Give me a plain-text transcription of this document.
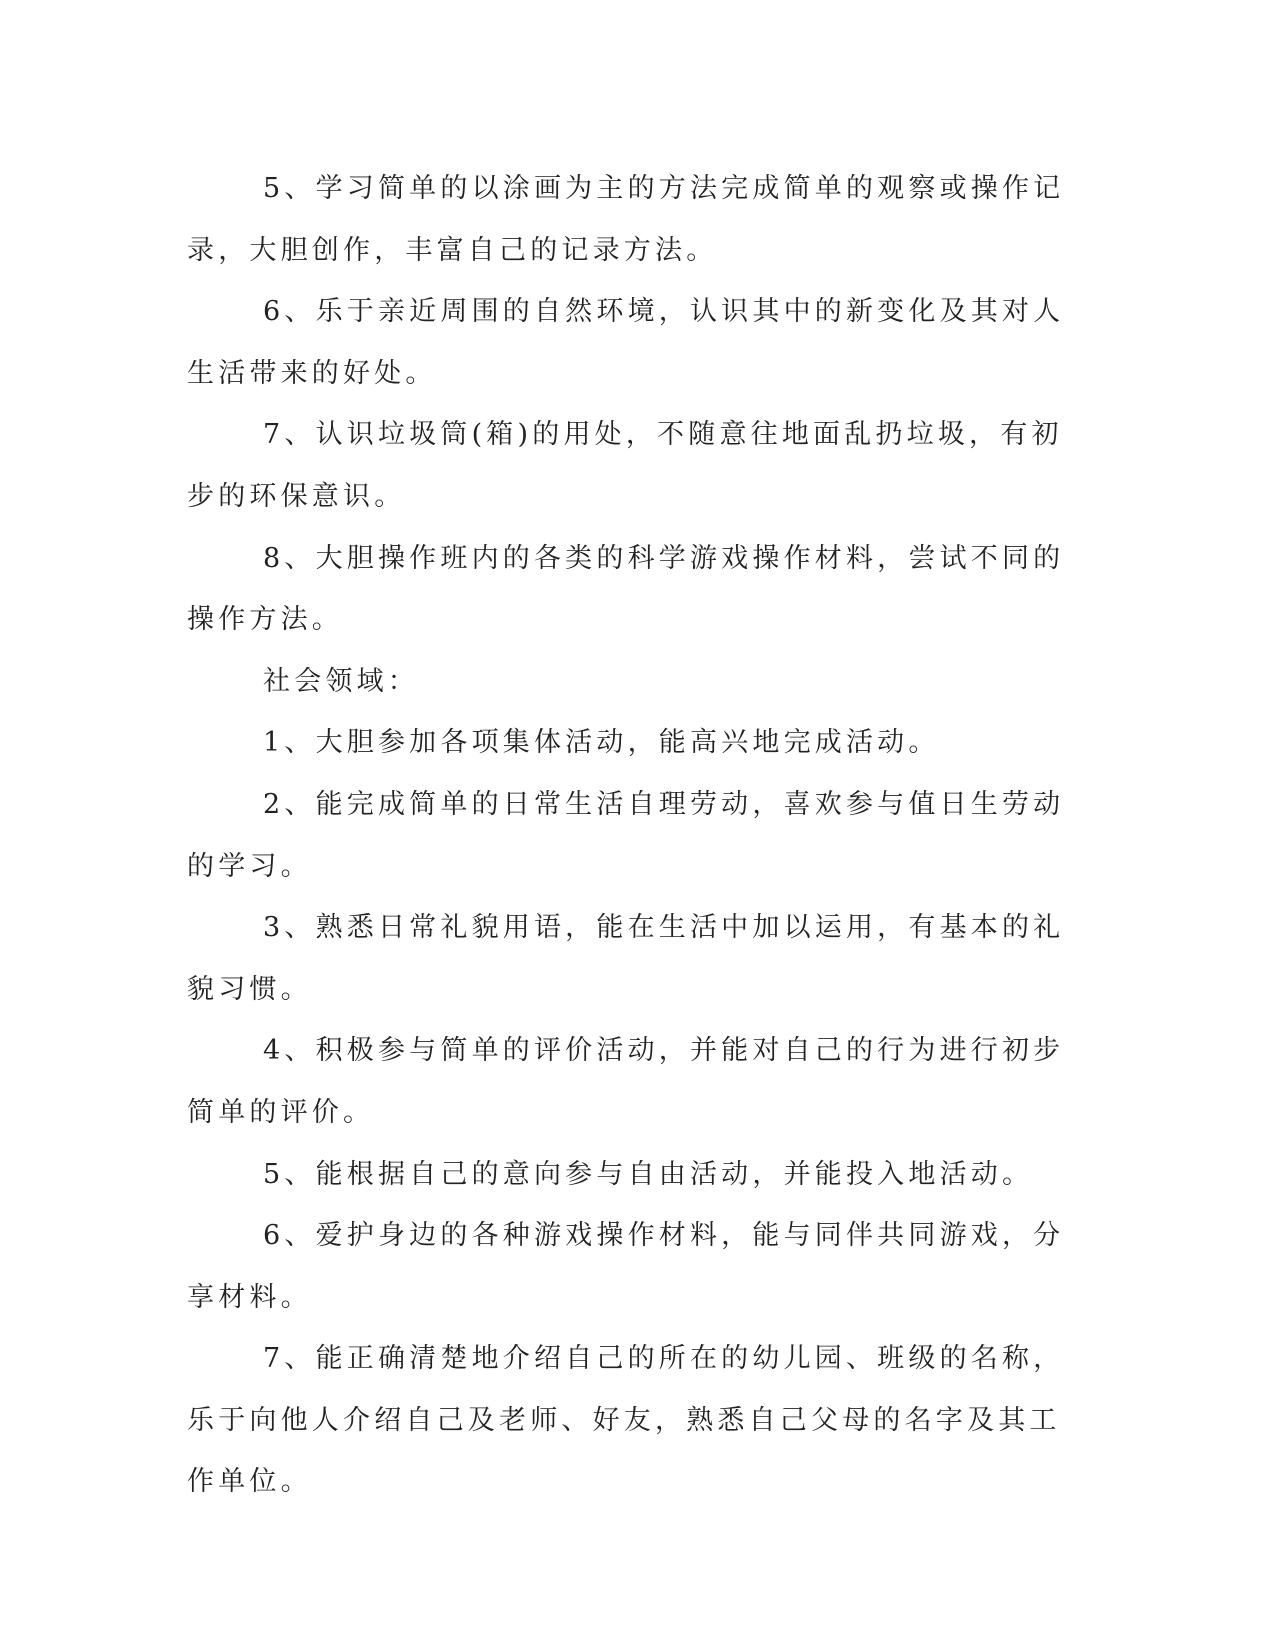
5、学习简单的以涂画为主的方法完成简单的观察或操作记录，大胆创作，丰富自己的记录方法。

6、乐于亲近周围的自然环境，认识其中的新变化及其对人生活带来的好处。

7、认识垃圾筒(箱)的用处，不随意往地面乱扔垃圾，有初步的环保意识。

8、大胆操作班内的各类的科学游戏操作材料，尝试不同的操作方法。

社会领域：

1、大胆参加各项集体活动，能高兴地完成活动。

2、能完成简单的日常生活自理劳动，喜欢参与值日生劳动的学习。

3、熟悉日常礼貌用语，能在生活中加以运用，有基本的礼貌习惯。

4、积极参与简单的评价活动，并能对自己的行为进行初步简单的评价。

5、能根据自己的意向参与自由活动，并能投入地活动。

6、爱护身边的各种游戏操作材料，能与同伴共同游戏，分享材料。

7、能正确清楚地介绍自己的所在的幼儿园、班级的名称，乐于向他人介绍自己及老师、好友，熟悉自己父母的名字及其工作单位。
